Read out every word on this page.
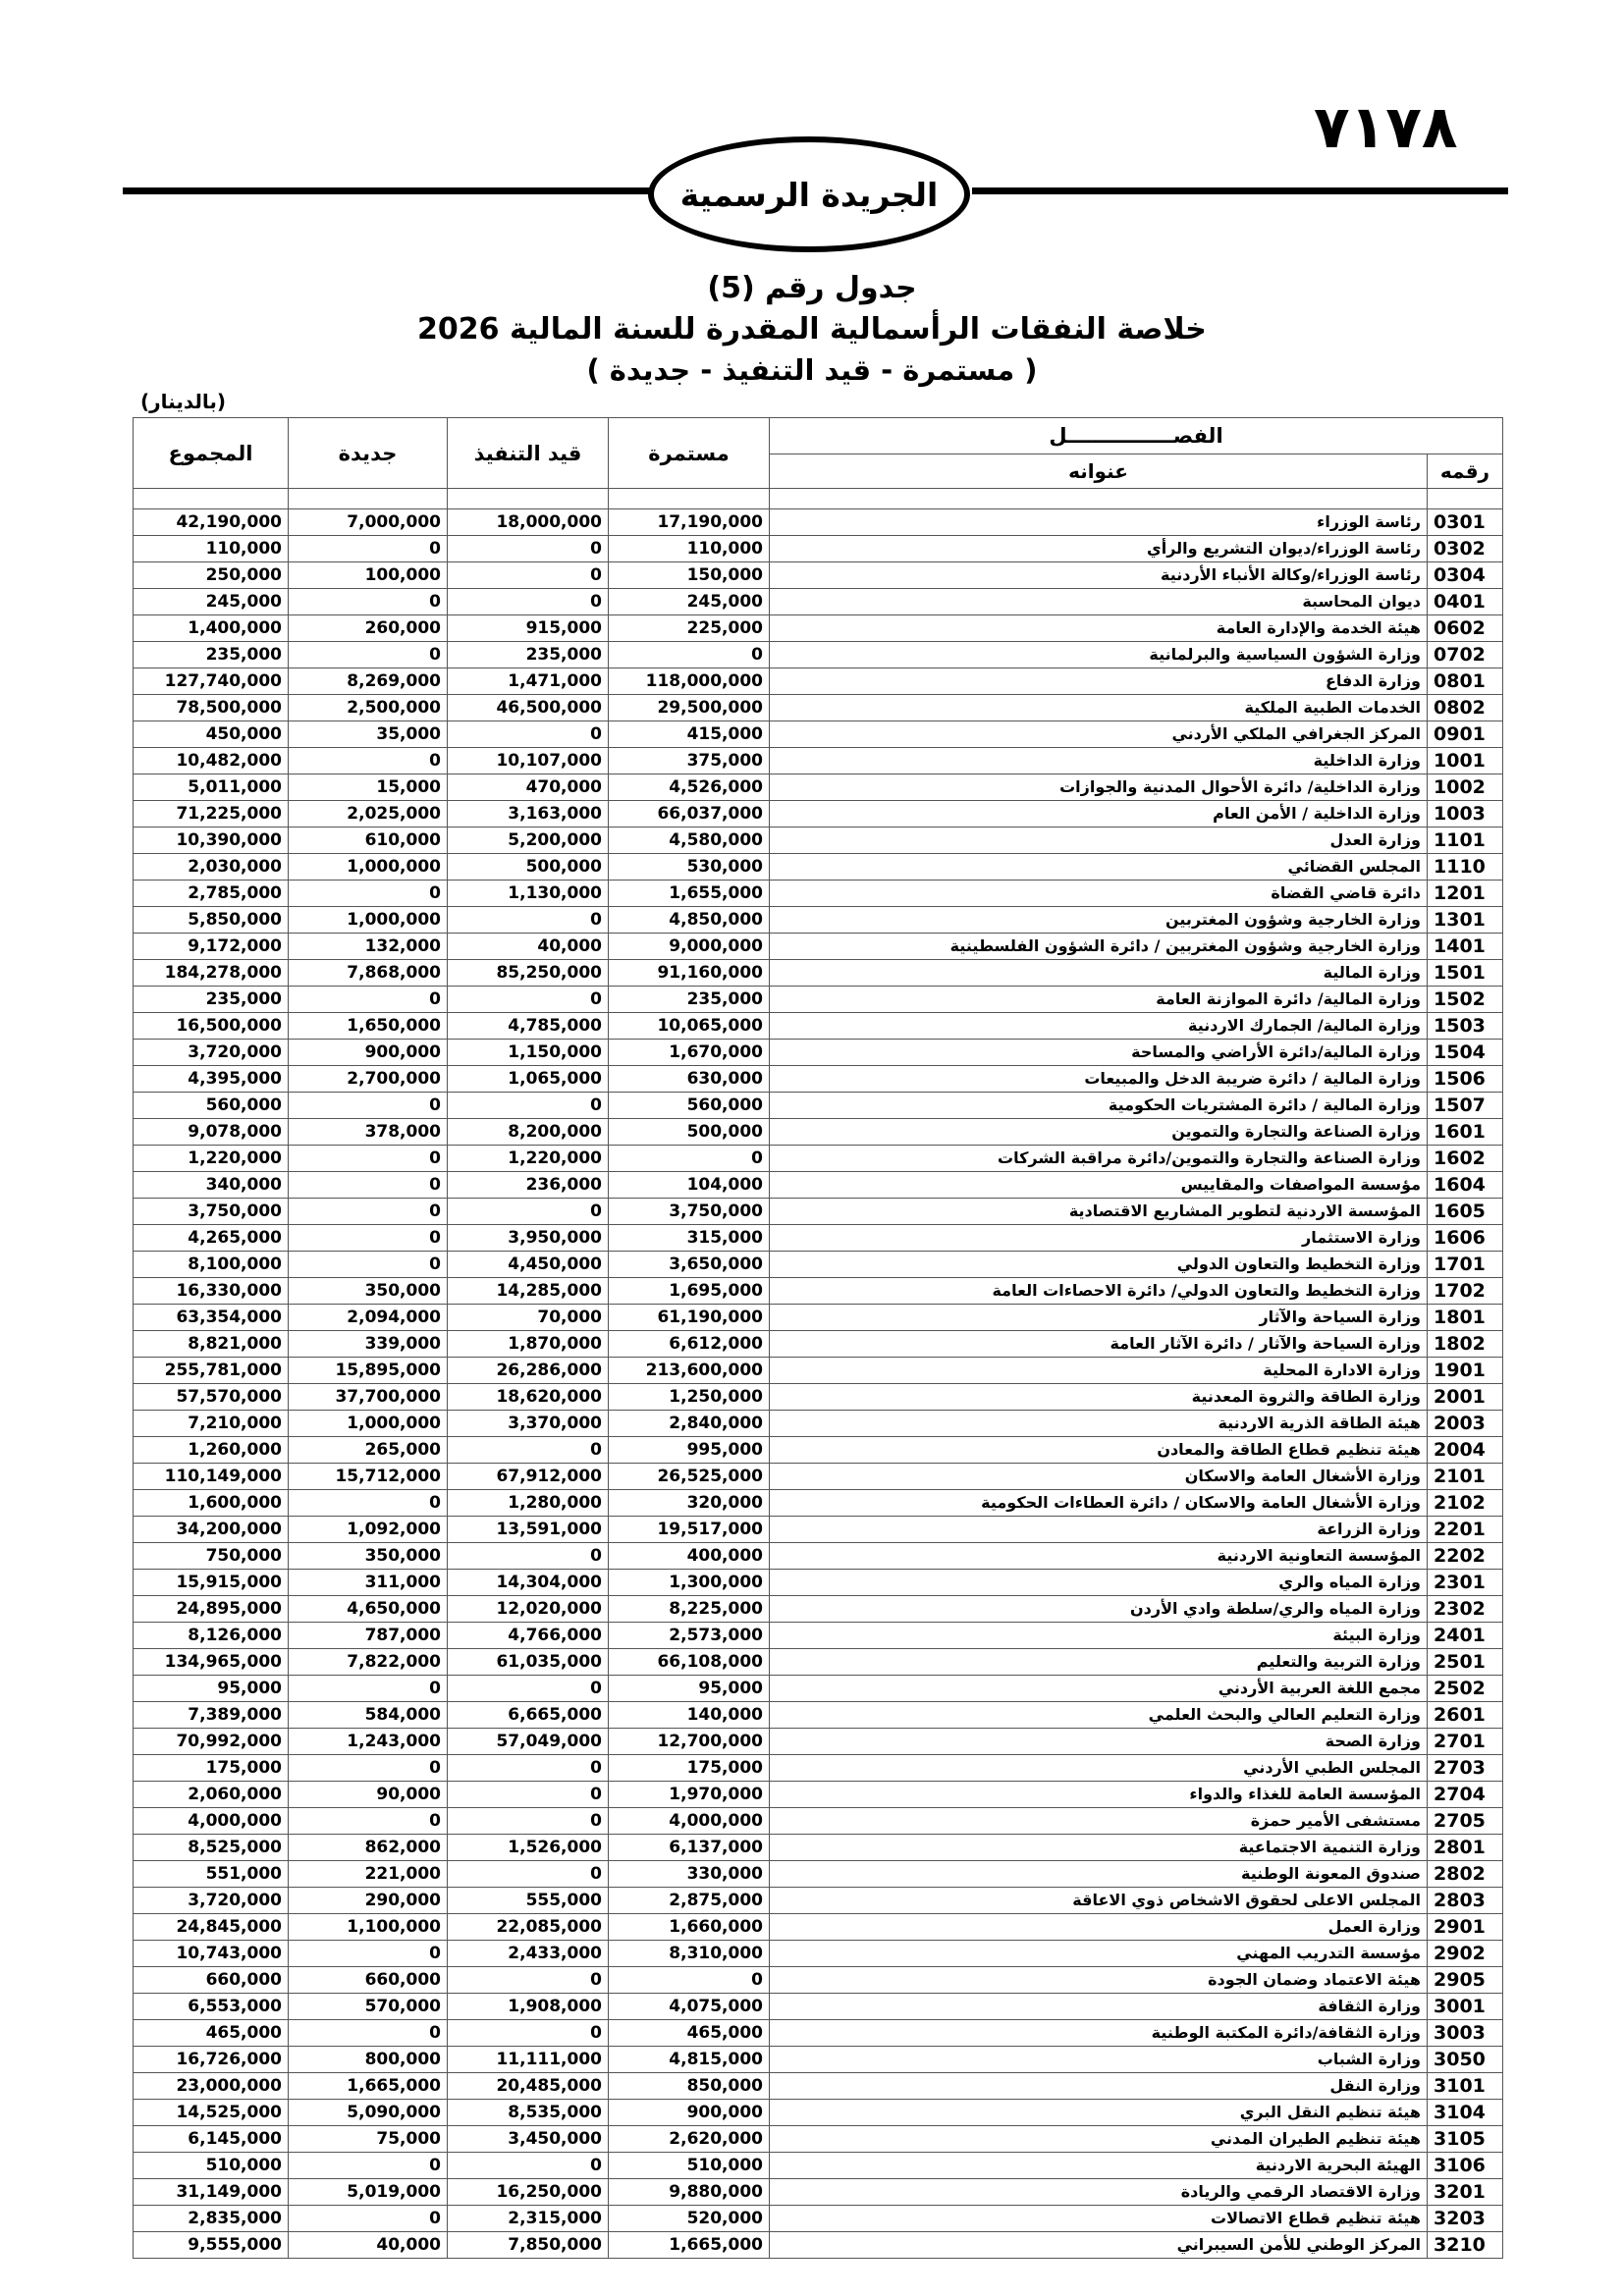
٧١٧٨
الجريدة الرسمية
جدول رقم (5)
خلاصة النفقات الرأسمالية المقدرة للسنة المالية 2026
( مستمرة - قيد التنفيذ - جديدة )
(بالدينار)
المجموع	جديدة	قيد التنفيذ	مستمرة	الفصـــــــــــــــل	
				عنوانه	رقمه

42,190,000	7,000,000	18,000,000	17,190,000	رئاسة الوزراء	0301
110,000	0	0	110,000	رئاسة الوزراء/ديوان التشريع والرأي	0302
250,000	100,000	0	150,000	رئاسة الوزراء/وكالة الأنباء الأردنية	0304
245,000	0	0	245,000	ديوان المحاسبة	0401
1,400,000	260,000	915,000	225,000	هيئة الخدمة والإدارة العامة	0602
235,000	0	235,000	0	وزارة الشؤون السياسية والبرلمانية	0702
127,740,000	8,269,000	1,471,000	118,000,000	وزارة الدفاع	0801
78,500,000	2,500,000	46,500,000	29,500,000	الخدمات الطبية الملكية	0802
450,000	35,000	0	415,000	المركز الجغرافي الملكي الأردني	0901
10,482,000	0	10,107,000	375,000	وزارة الداخلية	1001
5,011,000	15,000	470,000	4,526,000	وزارة الداخلية/ دائرة الأحوال المدنية والجوازات	1002
71,225,000	2,025,000	3,163,000	66,037,000	وزارة الداخلية / الأمن العام	1003
10,390,000	610,000	5,200,000	4,580,000	وزارة العدل	1101
2,030,000	1,000,000	500,000	530,000	المجلس القضائي	1110
2,785,000	0	1,130,000	1,655,000	دائرة قاضي القضاة	1201
5,850,000	1,000,000	0	4,850,000	وزارة الخارجية وشؤون المغتربين	1301
9,172,000	132,000	40,000	9,000,000	وزارة الخارجية وشؤون المغتربين / دائرة الشؤون الفلسطينية	1401
184,278,000	7,868,000	85,250,000	91,160,000	وزارة المالية	1501
235,000	0	0	235,000	وزارة المالية/ دائرة الموازنة العامة	1502
16,500,000	1,650,000	4,785,000	10,065,000	وزارة المالية/ الجمارك الاردنية	1503
3,720,000	900,000	1,150,000	1,670,000	وزارة المالية/دائرة الأراضي والمساحة	1504
4,395,000	2,700,000	1,065,000	630,000	وزارة المالية / دائرة ضريبة الدخل والمبيعات	1506
560,000	0	0	560,000	وزارة المالية / دائرة المشتريات الحكومية	1507
9,078,000	378,000	8,200,000	500,000	وزارة الصناعة والتجارة والتموين	1601
1,220,000	0	1,220,000	0	وزارة الصناعة والتجارة والتموين/دائرة مراقبة الشركات	1602
340,000	0	236,000	104,000	مؤسسة المواصفات والمقاييس	1604
3,750,000	0	0	3,750,000	المؤسسة الاردنية لتطوير المشاريع الاقتصادية	1605
4,265,000	0	3,950,000	315,000	وزارة الاستثمار	1606
8,100,000	0	4,450,000	3,650,000	وزارة التخطيط والتعاون الدولي	1701
16,330,000	350,000	14,285,000	1,695,000	وزارة التخطيط والتعاون الدولي/ دائرة الاحصاءات العامة	1702
63,354,000	2,094,000	70,000	61,190,000	وزارة السياحة والآثار	1801
8,821,000	339,000	1,870,000	6,612,000	وزارة السياحة والآثار / دائرة الآثار العامة	1802
255,781,000	15,895,000	26,286,000	213,600,000	وزارة الادارة المحلية	1901
57,570,000	37,700,000	18,620,000	1,250,000	وزارة الطاقة والثروة المعدنية	2001
7,210,000	1,000,000	3,370,000	2,840,000	هيئة الطاقة الذرية الاردنية	2003
1,260,000	265,000	0	995,000	هيئة تنظيم قطاع الطاقة والمعادن	2004
110,149,000	15,712,000	67,912,000	26,525,000	وزارة الأشغال العامة والاسكان	2101
1,600,000	0	1,280,000	320,000	وزارة الأشغال العامة والاسكان / دائرة العطاءات الحكومية	2102
34,200,000	1,092,000	13,591,000	19,517,000	وزارة الزراعة	2201
750,000	350,000	0	400,000	المؤسسة التعاونية الاردنية	2202
15,915,000	311,000	14,304,000	1,300,000	وزارة المياه والري	2301
24,895,000	4,650,000	12,020,000	8,225,000	وزارة المياه والري/سلطة وادي الأردن	2302
8,126,000	787,000	4,766,000	2,573,000	وزارة البيئة	2401
134,965,000	7,822,000	61,035,000	66,108,000	وزارة التربية والتعليم	2501
95,000	0	0	95,000	مجمع اللغة العربية الأردني	2502
7,389,000	584,000	6,665,000	140,000	وزارة التعليم العالي والبحث العلمي	2601
70,992,000	1,243,000	57,049,000	12,700,000	وزارة الصحة	2701
175,000	0	0	175,000	المجلس الطبي الأردني	2703
2,060,000	90,000	0	1,970,000	المؤسسة العامة للغذاء والدواء	2704
4,000,000	0	0	4,000,000	مستشفى الأمير حمزة	2705
8,525,000	862,000	1,526,000	6,137,000	وزارة التنمية الاجتماعية	2801
551,000	221,000	0	330,000	صندوق المعونة الوطنية	2802
3,720,000	290,000	555,000	2,875,000	المجلس الاعلى لحقوق الاشخاص ذوي الاعاقة	2803
24,845,000	1,100,000	22,085,000	1,660,000	وزارة العمل	2901
10,743,000	0	2,433,000	8,310,000	مؤسسة التدريب المهني	2902
660,000	660,000	0	0	هيئة الاعتماد وضمان الجودة	2905
6,553,000	570,000	1,908,000	4,075,000	وزارة الثقافة	3001
465,000	0	0	465,000	وزارة الثقافة/دائرة المكتبة الوطنية	3003
16,726,000	800,000	11,111,000	4,815,000	وزارة الشباب	3050
23,000,000	1,665,000	20,485,000	850,000	وزارة النقل	3101
14,525,000	5,090,000	8,535,000	900,000	هيئة تنظيم النقل البري	3104
6,145,000	75,000	3,450,000	2,620,000	هيئة تنظيم الطيران المدني	3105
510,000	0	0	510,000	الهيئة البحرية الاردنية	3106
31,149,000	5,019,000	16,250,000	9,880,000	وزارة الاقتصاد الرقمي والريادة	3201
2,835,000	0	2,315,000	520,000	هيئة تنظيم قطاع الاتصالات	3203
9,555,000	40,000	7,850,000	1,665,000	المركز الوطني للأمن السيبراني	3210
